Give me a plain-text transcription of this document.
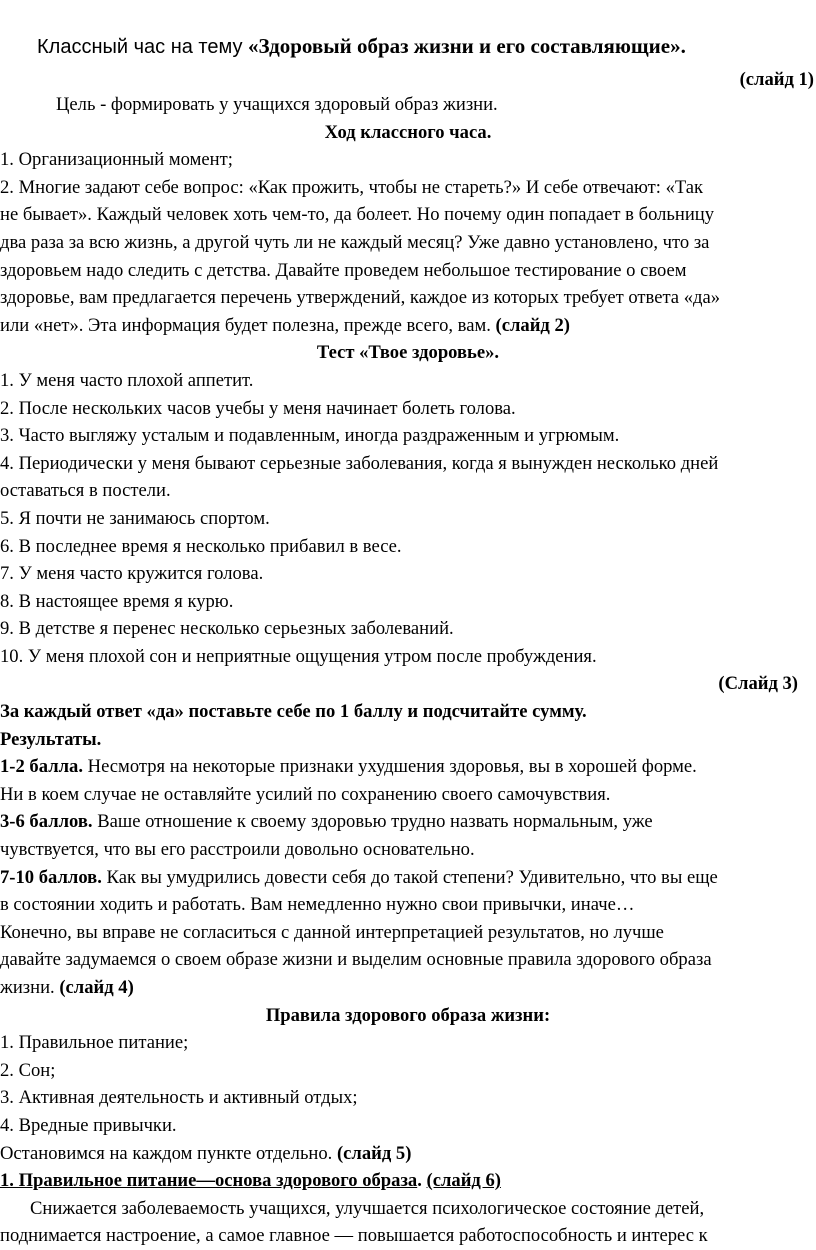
Классный час на тему «Здоровый образ жизни и его составляющие».
(слайд 1)
Цель - формировать у учащихся здоровый образ жизни.
Ход классного часа.
1. Организационный момент;
2. Многие задают себе вопрос: «Как прожить, чтобы не стареть?» И себе отвечают: «Так
не бывает». Каждый человек хоть чем-то, да болеет. Но почему один попадает в больницу
два раза за всю жизнь, а другой чуть ли не каждый месяц? Уже давно установлено, что за
здоровьем надо следить с детства. Давайте проведем небольшое тестирование о своем
здоровье, вам предлагается перечень утверждений, каждое из которых требует ответа «да»
или «нет». Эта информация будет полезна, прежде всего, вам. (слайд 2)
Тест «Твое здоровье».
1. У меня часто плохой аппетит.
2. После нескольких часов учебы у меня начинает болеть голова.
3. Часто выгляжу усталым и подавленным, иногда раздраженным и угрюмым.
4. Периодически у меня бывают серьезные заболевания, когда я вынужден несколько дней
оставаться в постели.
5. Я почти не занимаюсь спортом.
6. В последнее время я несколько прибавил в весе.
7. У меня часто кружится голова.
8. В настоящее время я курю.
9. В детстве я перенес несколько серьезных заболеваний.
10. У меня плохой сон и неприятные ощущения утром после пробуждения.
(Слайд 3)
За каждый ответ «да» поставьте себе по 1 баллу и подсчитайте сумму.
Результаты.
1-2 балла. Несмотря на некоторые признаки ухудшения здоровья, вы в хорошей форме.
Ни в коем случае не оставляйте усилий по сохранению своего самочувствия.
3-6 баллов. Ваше отношение к своему здоровью трудно назвать нормальным, уже
чувствуется, что вы его расстроили довольно основательно.
7-10 баллов. Как вы умудрились довести себя до такой степени? Удивительно, что вы еще
в состоянии ходить и работать. Вам немедленно нужно свои привычки, иначе…
Конечно, вы вправе не согласиться с данной интерпретацией результатов, но лучше
давайте задумаемся о своем образе жизни и выделим основные правила здорового образа
жизни. (слайд 4)
Правила здорового образа жизни:
1. Правильное питание;
2. Сон;
3. Активная деятельность и активный отдых;
4. Вредные привычки.
Остановимся на каждом пункте отдельно. (слайд 5)
1. Правильное питание—основа здорового образа. (слайд 6)
Снижается заболеваемость учащихся, улучшается психологическое состояние детей,
поднимается настроение, а самое главное — повышается работоспособность и интерес к
